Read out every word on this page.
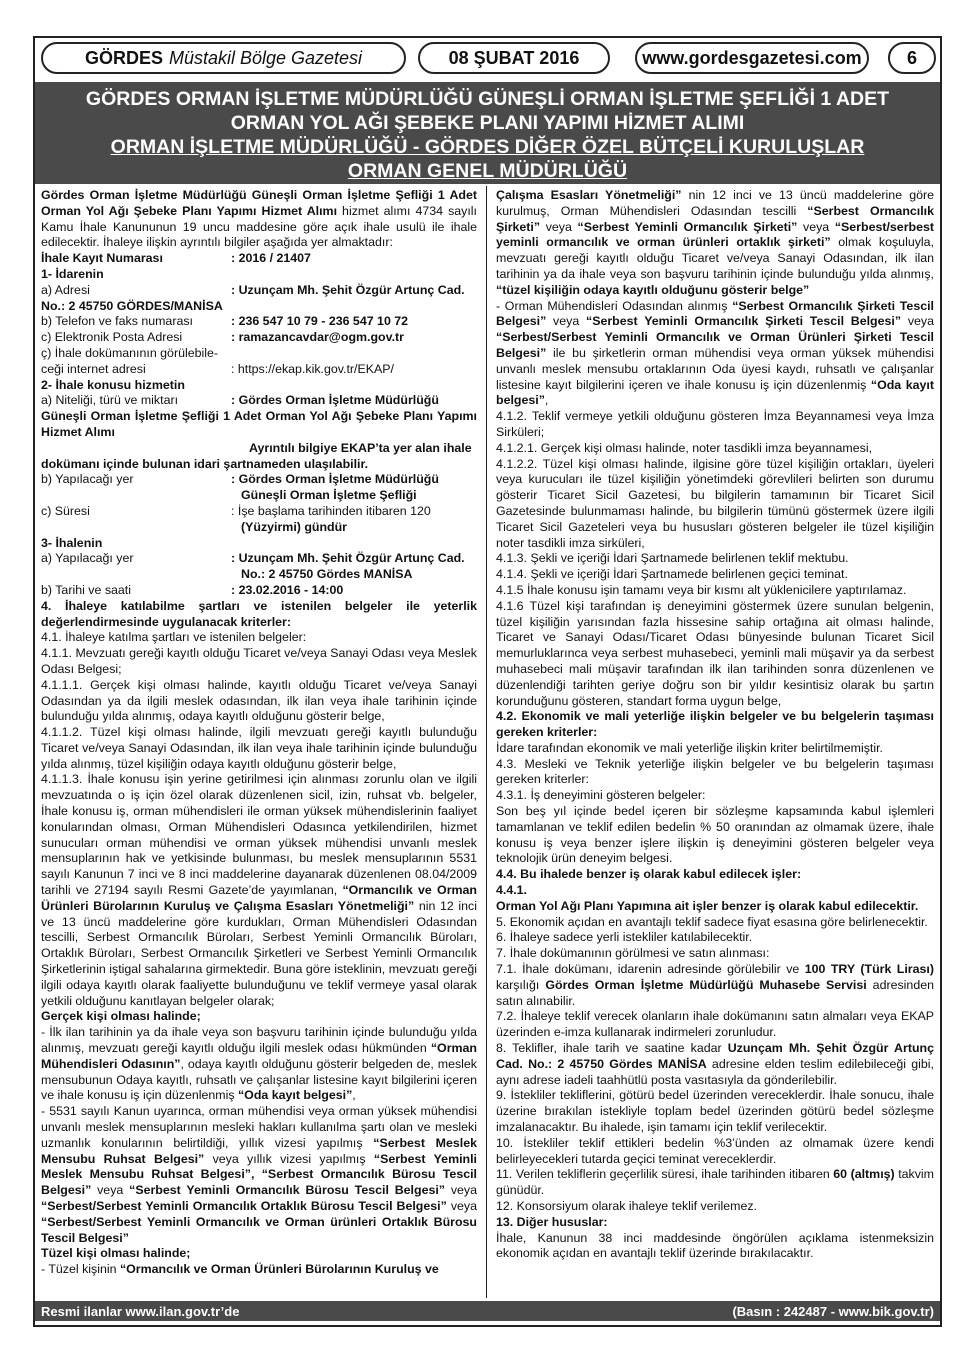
GÖRDES Müstakil Bölge Gazetesi	08 ŞUBAT 2016	www.gordesgazetesi.com	6
GÖRDES ORMAN İŞLETME MÜDÜRLÜĞÜ GÜNEŞLİ ORMAN İŞLETME ŞEFLİĞİ 1 ADET
ORMAN YOL AĞI ŞEBEKE PLANI YAPIMI HİZMET ALIMI
ORMAN İŞLETME MÜDÜRLÜĞÜ - GÖRDES DİĞER ÖZEL BÜTÇELİ KURULUŞLAR
ORMAN GENEL MÜDÜRLÜĞÜ

Gördes Orman İşletme Müdürlüğü Güneşli Orman İşletme Şefliği 1 Adet Orman Yol Ağı Şebeke Planı Yapımı Hizmet Alımı hizmet alımı 4734 sayılı Kamu İhale Kanununun 19 uncu maddesine göre açık ihale usulü ile ihale edilecektir. İhaleye ilişkin ayrıntılı bilgiler aşağıda yer almaktadır:

İhale Kayıt Numarası	: 2016 / 21407

1- İdarenin

a) Adresi	: Uzunçam Mh. Şehit Özgür Artunç Cad.

No.: 2 45750 GÖRDES/MANİSA

b) Telefon ve faks numarası	: 236 547 10 79 - 236 547 10 72
c) Elektronik Posta Adresi	: ramazancavdar@ogm.gov.tr

ç) İhale dokümanının görülebile-

ceği internet adresi	: https://ekap.kik.gov.tr/EKAP/

2- İhale konusu hizmetin

a) Niteliği, türü ve miktarı	: Gördes Orman İşletme Müdürlüğü

Güneşli Orman İşletme Şefliği 1 Adet Orman Yol Ağı Şebeke Planı Yapımı Hizmet Alımı

Ayrıntılı bilgiye EKAP’ta yer alan ihale

dokümanı içinde bulunan idari şartnameden ulaşılabilir.

b) Yapılacağı yer	: Gördes Orman İşletme Müdürlüğü

Güneşli Orman İşletme Şefliği

c) Süresi	: İşe başlama tarihinden itibaren 120

(Yüzyirmi) gündür

3- İhalenin

a) Yapılacağı yer	: Uzunçam Mh. Şehit Özgür Artunç Cad.

No.: 2 45750 Gördes MANİSA

b) Tarihi ve saati	: 23.02.2016 - 14:00

4. İhaleye katılabilme şartları ve istenilen belgeler ile yeterlik değerlendirmesinde uygulanacak kriterler:

4.1. İhaleye katılma şartları ve istenilen belgeler:

4.1.1. Mevzuatı gereği kayıtlı olduğu Ticaret ve/veya Sanayi Odası veya Meslek Odası Belgesi;

4.1.1.1. Gerçek kişi olması halinde, kayıtlı olduğu Ticaret ve/veya Sanayi Odasından ya da ilgili meslek odasından, ilk ilan veya ihale tarihinin içinde bulunduğu yılda alınmış, odaya kayıtlı olduğunu gösterir belge,

4.1.1.2. Tüzel kişi olması halinde, ilgili mevzuatı gereği kayıtlı bulunduğu Ticaret ve/veya Sanayi Odasından, ilk ilan veya ihale tarihinin içinde bulunduğu yılda alınmış, tüzel kişiliğin odaya kayıtlı olduğunu gösterir belge,

4.1.1.3. İhale konusu işin yerine getirilmesi için alınması zorunlu olan ve ilgili mevzuatında o iş için özel olarak düzenlenen sicil, izin, ruhsat vb. belgeler, İhale konusu iş, orman mühendisleri ile orman yüksek mühendislerinin faaliyet konularından olması, Orman Mühendisleri Odasınca yetkilendirilen, hizmet sunucuları orman mühendisi ve orman yüksek mühendisi unvanlı meslek mensuplarının hak ve yetkisinde bulunması, bu meslek mensuplarının 5531 sayılı Kanunun 7 inci ve 8 inci maddelerine dayanarak düzenlenen 08.04/2009 tarihli ve 27194 sayılı Resmi Gazete’de yayımlanan, “Ormancılık ve Orman Ürünleri Bürolarının Kuruluş ve Çalışma Esasları Yönetmeliği” nin 12 inci ve 13 üncü maddelerine göre kurdukları, Orman Mühendisleri Odasından tescilli, Serbest Ormancılık Büroları, Serbest Yeminli Ormancılık Büroları, Ortaklık Büroları, Serbest Ormancılık Şirketleri ve Serbest Yeminli Ormancılık Şirketlerinin iştigal sahalarına girmektedir. Buna göre isteklinin, mevzuatı gereği ilgili odaya kayıtlı olarak faaliyette bulunduğunu ve teklif vermeye yasal olarak yetkili olduğunu kanıtlayan belgeler olarak;

Gerçek kişi olması halinde;

- İlk ilan tarihinin ya da ihale veya son başvuru tarihinin içinde bulunduğu yılda alınmış, mevzuatı gereği kayıtlı olduğu ilgili meslek odası hükmünden “Orman Mühendisleri Odasının”, odaya kayıtlı olduğunu gösterir belgeden de, meslek mensubunun Odaya kayıtlı, ruhsatlı ve çalışanlar listesine kayıt bilgilerini içeren ve ihale konusu iş için düzenlenmiş “Oda kayıt belgesi”,

- 5531 sayılı Kanun uyarınca, orman mühendisi veya orman yüksek mühendisi unvanlı meslek mensuplarının mesleki hakları kullanılma şartı olan ve mesleki uzmanlık konularının belirtildiği, yıllık vizesi yapılmış “Serbest Meslek Mensubu Ruhsat Belgesi” veya yıllık vizesi yapılmış “Serbest Yeminli Meslek Mensubu Ruhsat Belgesi”, “Serbest Ormancılık Bürosu Tescil Belgesi” veya “Serbest Yeminli Ormancılık Bürosu Tescil Belgesi” veya “Serbest/Serbest Yeminli Ormancılık Ortaklık Bürosu Tescil Belgesi” veya “Serbest/Serbest Yeminli Ormancılık ve Orman ürünleri Ortaklık Bürosu Tescil Belgesi”

Tüzel kişi olması halinde;

- Tüzel kişinin “Ormancılık ve Orman Ürünleri Bürolarının Kuruluş ve

Çalışma Esasları Yönetmeliği” nin 12 inci ve 13 üncü maddelerine göre kurulmuş, Orman Mühendisleri Odasından tescilli “Serbest Ormancılık Şirketi” veya “Serbest Yeminli Ormancılık Şirketi” veya “Serbest/serbest yeminli ormancılık ve orman ürünleri ortaklık şirketi” olmak koşuluyla, mevzuatı gereği kayıtlı olduğu Ticaret ve/veya Sanayi Odasından, ilk ilan tarihinin ya da ihale veya son başvuru tarihinin içinde bulunduğu yılda alınmış, “tüzel kişiliğin odaya kayıtlı olduğunu gösterir belge”

- Orman Mühendisleri Odasından alınmış “Serbest Ormancılık Şirketi Tescil Belgesi” veya “Serbest Yeminli Ormancılık Şirketi Tescil Belgesi” veya “Serbest/Serbest Yeminli Ormancılık ve Orman Ürünleri Şirketi Tescil Belgesi” ile bu şirketlerin orman mühendisi veya orman yüksek mühendisi unvanlı meslek mensubu ortaklarının Oda üyesi kaydı, ruhsatlı ve çalışanlar listesine kayıt bilgilerini içeren ve ihale konusu iş için düzenlenmiş “Oda kayıt belgesi”,

4.1.2. Teklif vermeye yetkili olduğunu gösteren İmza Beyannamesi veya İmza Sirküleri;

4.1.2.1. Gerçek kişi olması halinde, noter tasdikli imza beyannamesi,

4.1.2.2. Tüzel kişi olması halinde, ilgisine göre tüzel kişiliğin ortakları, üyeleri veya kurucuları ile tüzel kişiliğin yönetimdeki görevlileri belirten son durumu gösterir Ticaret Sicil Gazetesi, bu bilgilerin tamamının bir Ticaret Sicil Gazetesinde bulunmaması halinde, bu bilgilerin tümünü göstermek üzere ilgili Ticaret Sicil Gazeteleri veya bu hususları gösteren belgeler ile tüzel kişiliğin noter tasdikli imza sirküleri,

4.1.3. Şekli ve içeriği İdari Şartnamede belirlenen teklif mektubu.

4.1.4. Şekli ve içeriği İdari Şartnamede belirlenen geçici teminat.

4.1.5 İhale konusu işin tamamı veya bir kısmı alt yüklenicilere yaptırılamaz.

4.1.6 Tüzel kişi tarafından iş deneyimini göstermek üzere sunulan belgenin, tüzel kişiliğin yarısından fazla hissesine sahip ortağına ait olması halinde, Ticaret ve Sanayi Odası/Ticaret Odası bünyesinde bulunan Ticaret Sicil memurluklarınca veya serbest muhasebeci, yeminli mali müşavir ya da serbest muhasebeci mali müşavir tarafından ilk ilan tarihinden sonra düzenlenen ve düzenlendiği tarihten geriye doğru son bir yıldır kesintisiz olarak bu şartın korunduğunu gösteren, standart forma uygun belge,

4.2. Ekonomik ve mali yeterliğe ilişkin belgeler ve bu belgelerin taşıması gereken kriterler:

İdare tarafından ekonomik ve mali yeterliğe ilişkin kriter belirtilmemiştir.

4.3. Mesleki ve Teknik yeterliğe ilişkin belgeler ve bu belgelerin taşıması gereken kriterler:

4.3.1. İş deneyimini gösteren belgeler:

Son beş yıl içinde bedel içeren bir sözleşme kapsamında kabul işlemleri tamamlanan ve teklif edilen bedelin % 50 oranından az olmamak üzere, ihale konusu iş veya benzer işlere ilişkin iş deneyimini gösteren belgeler veya teknolojik ürün deneyim belgesi.

4.4. Bu ihalede benzer iş olarak kabul edilecek işler:

4.4.1.

Orman Yol Ağı Planı Yapımına ait işler benzer iş olarak kabul edilecektir.

5. Ekonomik açıdan en avantajlı teklif sadece fiyat esasına göre belirlenecektir.

6. İhaleye sadece yerli istekliler katılabilecektir.

7. İhale dokümanının görülmesi ve satın alınması:

7.1. İhale dokümanı, idarenin adresinde görülebilir ve 100 TRY (Türk Lirası) karşılığı Gördes Orman İşletme Müdürlüğü Muhasebe Servisi adresinden satın alınabilir.

7.2. İhaleye teklif verecek olanların ihale dokümanını satın almaları veya EKAP üzerinden e-imza kullanarak indirmeleri zorunludur.

8. Teklifler, ihale tarih ve saatine kadar Uzunçam Mh. Şehit Özgür Artunç Cad. No.: 2 45750 Gördes MANİSA adresine elden teslim edilebileceği gibi, aynı adrese iadeli taahhütlü posta vasıtasıyla da gönderilebilir.

9. İstekliler tekliflerini, götürü bedel üzerinden vereceklerdir. İhale sonucu, ihale üzerine bırakılan istekliyle toplam bedel üzerinden götürü bedel sözleşme imzalanacaktır. Bu ihalede, işin tamamı için teklif verilecektir.

10. İstekliler teklif ettikleri bedelin %3’ünden az olmamak üzere kendi belirleyecekleri tutarda geçici teminat vereceklerdir.

11. Verilen tekliflerin geçerlilik süresi, ihale tarihinden itibaren 60 (altmış) takvim günüdür.

12. Konsorsiyum olarak ihaleye teklif verilemez.

13. Diğer hususlar:

İhale, Kanunun 38 inci maddesinde öngörülen açıklama istenmeksizin ekonomik açıdan en avantajlı teklif üzerinde bırakılacaktır.

Resmi ilanlar www.ilan.gov.tr’de	(Basın : 242487 - www.bik.gov.tr)
